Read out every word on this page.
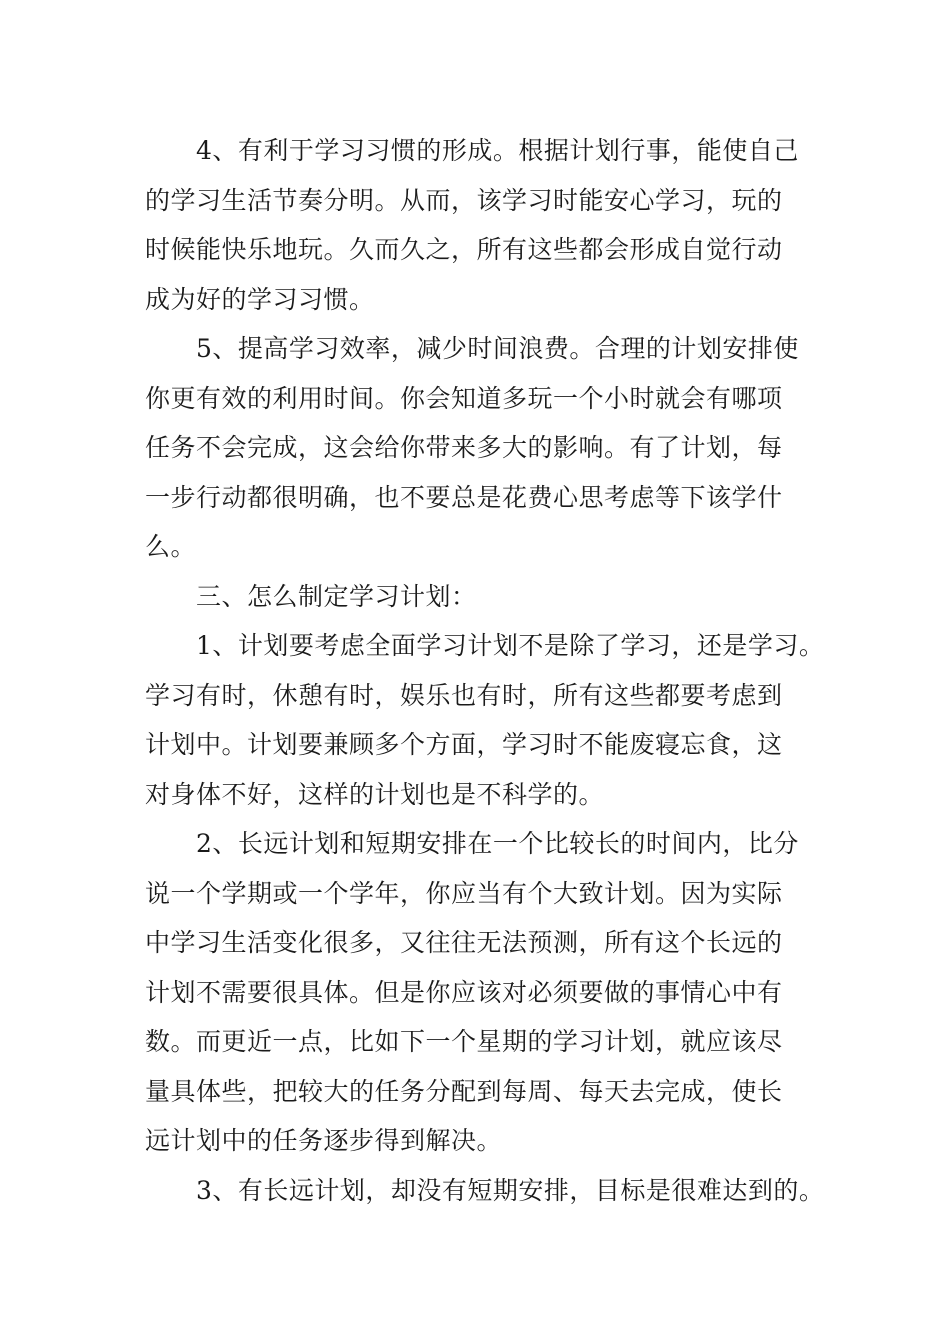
4、有利于学习习惯的形成。根据计划行事，能使自己
的学习生活节奏分明。从而，该学习时能安心学习，玩的
时候能快乐地玩。久而久之，所有这些都会形成自觉行动
成为好的学习习惯。

5、提高学习效率，减少时间浪费。合理的计划安排使
你更有效的利用时间。你会知道多玩一个小时就会有哪项
任务不会完成，这会给你带来多大的影响。有了计划，每
一步行动都很明确，也不要总是花费心思考虑等下该学什
么。

三、怎么制定学习计划：

1、计划要考虑全面学习计划不是除了学习，还是学习。
学习有时，休憩有时，娱乐也有时，所有这些都要考虑到
计划中。计划要兼顾多个方面，学习时不能废寝忘食，这
对身体不好，这样的计划也是不科学的。

2、长远计划和短期安排在一个比较长的时间内，比分
说一个学期或一个学年，你应当有个大致计划。因为实际
中学习生活变化很多，又往往无法预测，所有这个长远的
计划不需要很具体。但是你应该对必须要做的事情心中有
数。而更近一点，比如下一个星期的学习计划，就应该尽
量具体些，把较大的任务分配到每周、每天去完成，使长
远计划中的任务逐步得到解决。

3、有长远计划，却没有短期安排，目标是很难达到的。
